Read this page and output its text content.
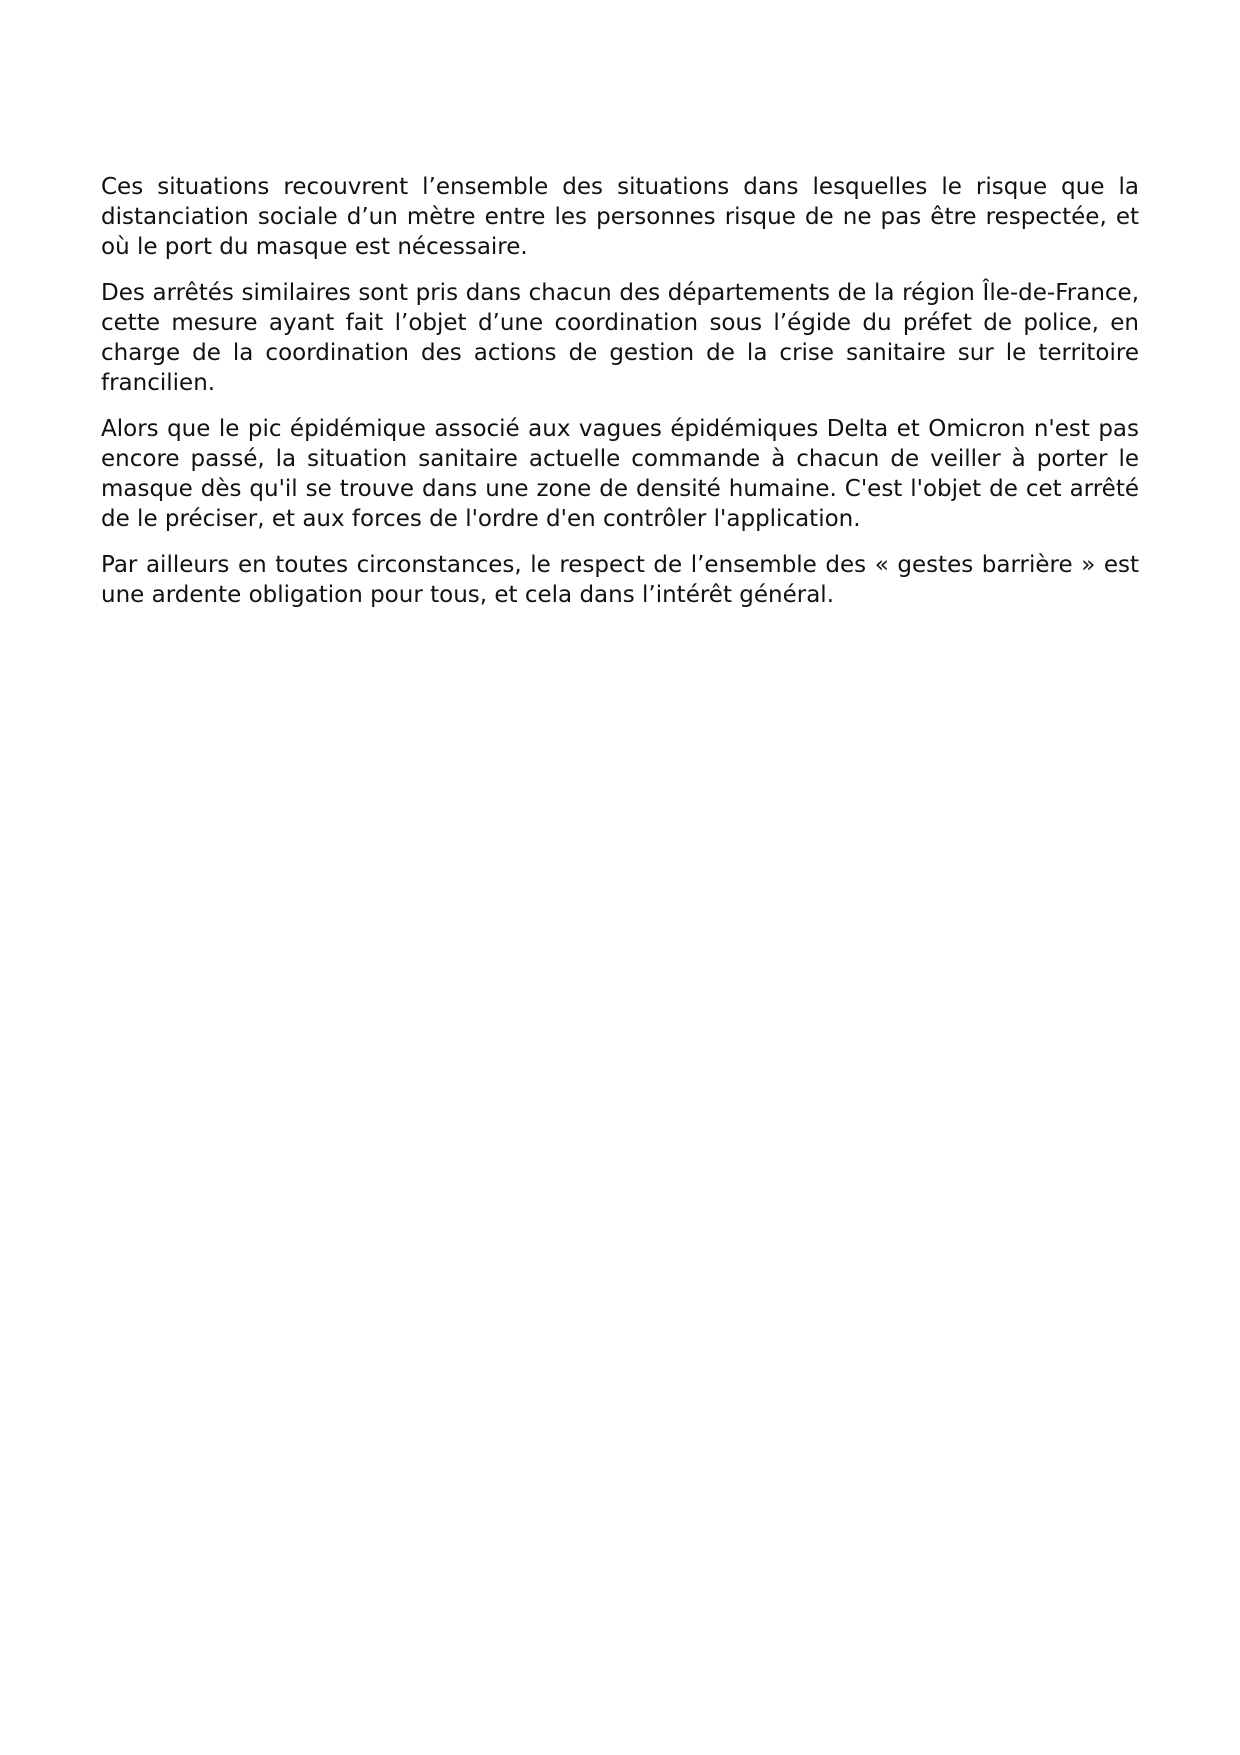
Ces situations recouvrent l’ensemble des situations dans lesquelles le risque que la distanciation sociale d’un mètre entre les personnes risque de ne pas être respectée, et où le port du masque est nécessaire.

Des arrêtés similaires sont pris dans chacun des départements de la région Île-de-France, cette mesure ayant fait l’objet d’une coordination sous l’égide du préfet de police, en charge de la coordination des actions de gestion de la crise sanitaire sur le territoire francilien.

Alors que le pic épidémique associé aux vagues épidémiques Delta et Omicron n'est pas encore passé, la situation sanitaire actuelle commande à chacun de veiller à porter le masque dès qu'il se trouve dans une zone de densité humaine. C'est l'objet de cet arrêté de le préciser, et aux forces de l'ordre d'en contrôler l'application.

Par ailleurs en toutes circonstances, le respect de l’ensemble des « gestes barrière » est une ardente obligation pour tous, et cela dans l’intérêt général.
